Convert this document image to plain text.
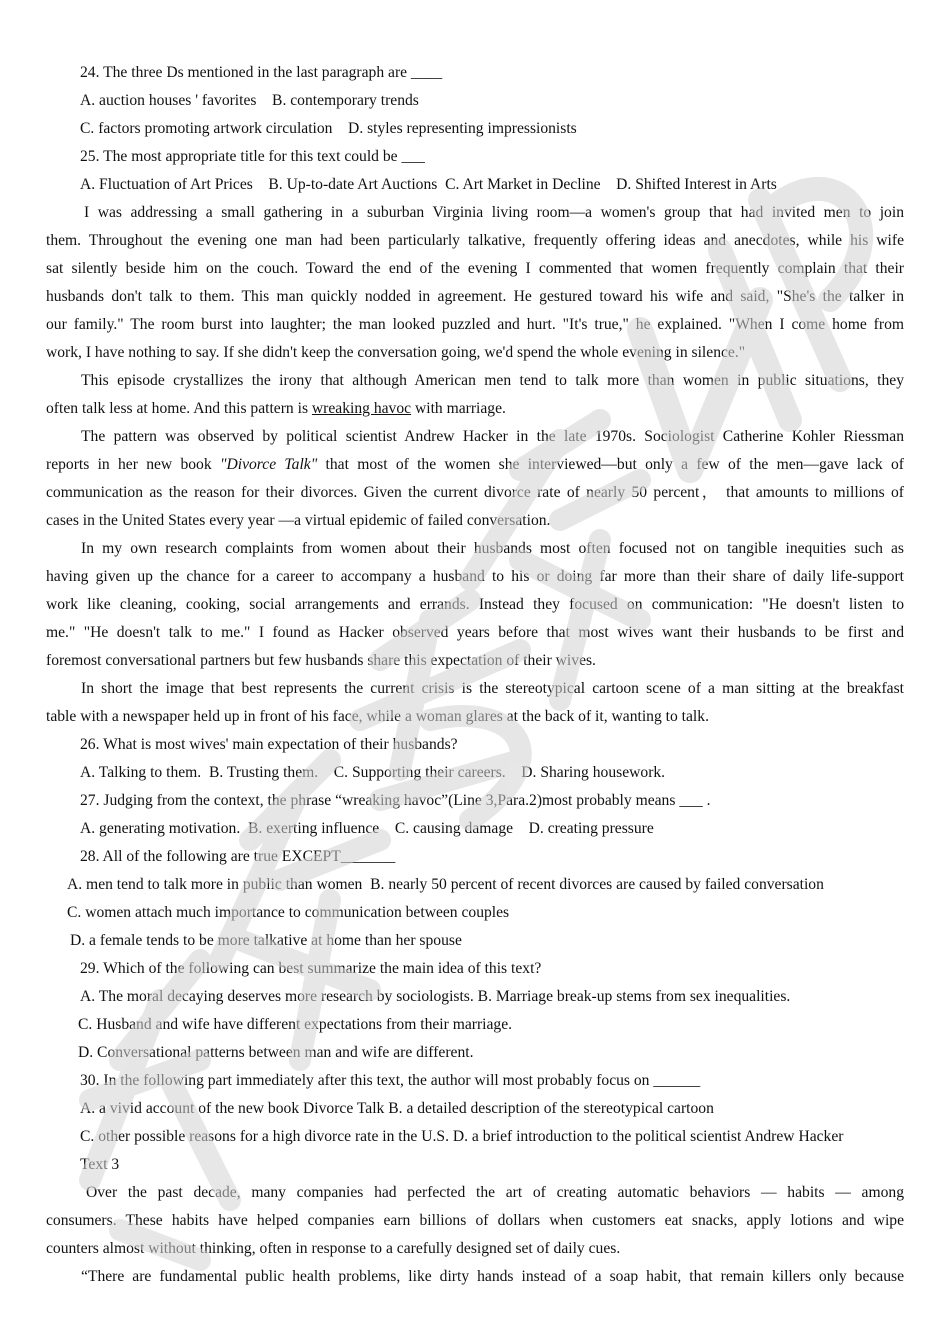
24. The three Ds mentioned in the last paragraph are ____
A. auction houses ' favorites    B. contemporary trends
C. factors promoting artwork circulation    D. styles representing impressionists
25. The most appropriate title for this text could be ___
A. Fluctuation of Art Prices    B. Up-to-date Art Auctions  C. Art Market in Decline    D. Shifted Interest in Arts
I was addressing a small gathering in a suburban Virginia living room—a women's group that had invited men to join
them. Throughout the evening one man had been particularly talkative, frequently offering ideas and anecdotes, while his wife
sat silently beside him on the couch. Toward the end of the evening I commented that women frequently complain that their
husbands don't talk to them. This man quickly nodded in agreement. He gestured toward his wife and said, "She's the talker in
our family." The room burst into laughter; the man looked puzzled and hurt. "It's true," he explained. "When I come home from
work, I have nothing to say. If she didn't keep the conversation going, we'd spend the whole evening in silence."
This episode crystallizes the irony that although American men tend to talk more than women in public situations, they
often talk less at home. And this pattern is wreaking havoc with marriage.
The pattern was observed by political scientist Andrew Hacker in the late 1970s. Sociologist Catherine Kohler Riessman
reports in her new book "Divorce Talk" that most of the women she interviewed—but only a few of the men—gave lack of
communication as the reason for their divorces. Given the current divorce rate of nearly 50 percent， that amounts to millions of
cases in the United States every year —a virtual epidemic of failed conversation.
In my own research complaints from women about their husbands most often focused not on tangible inequities such as
having given up the chance for a career to accompany a husband to his or doing far more than their share of daily life-support
work like cleaning, cooking, social arrangements and errands. Instead they focused on communication: "He doesn't listen to
me." "He doesn't talk to me." I found as Hacker observed years before that most wives want their husbands to be first and
foremost conversational partners but few husbands share this expectation of their wives.
In short the image that best represents the current crisis is the stereotypical cartoon scene of a man sitting at the breakfast
table with a newspaper held up in front of his face, while a woman glares at the back of it, wanting to talk.
26. What is most wives' main expectation of their husbands?
A. Talking to them.  B. Trusting them.    C. Supporting their careers.    D. Sharing housework.
27. Judging from the context, the phrase “wreaking havoc”(Line 3,Para.2)most probably means ___ .
A. generating motivation.  B. exerting influence    C. causing damage    D. creating pressure
28. All of the following are true EXCEPT_______
A. men tend to talk more in public than women  B. nearly 50 percent of recent divorces are caused by failed conversation
C. women attach much importance to communication between couples
D. a female tends to be more talkative at home than her spouse
29. Which of the following can best summarize the main idea of this text?
A. The moral decaying deserves more research by sociologists. B. Marriage break-up stems from sex inequalities.
C. Husband and wife have different expectations from their marriage.
D. Conversational patterns between man and wife are different.
30. In the following part immediately after this text, the author will most probably focus on ______
A. a vivid account of the new book Divorce Talk B. a detailed description of the stereotypical cartoon
C. other possible reasons for a high divorce rate in the U.S. D. a brief introduction to the political scientist Andrew Hacker
Text 3
Over the past decade, many companies had perfected the art of creating automatic behaviors — habits — among
consumers. These habits have helped companies earn billions of dollars when customers eat snacks, apply lotions and wipe
counters almost without thinking, often in response to a carefully designed set of daily cues.
“There are fundamental public health problems, like dirty hands instead of a soap habit, that remain killers only because
